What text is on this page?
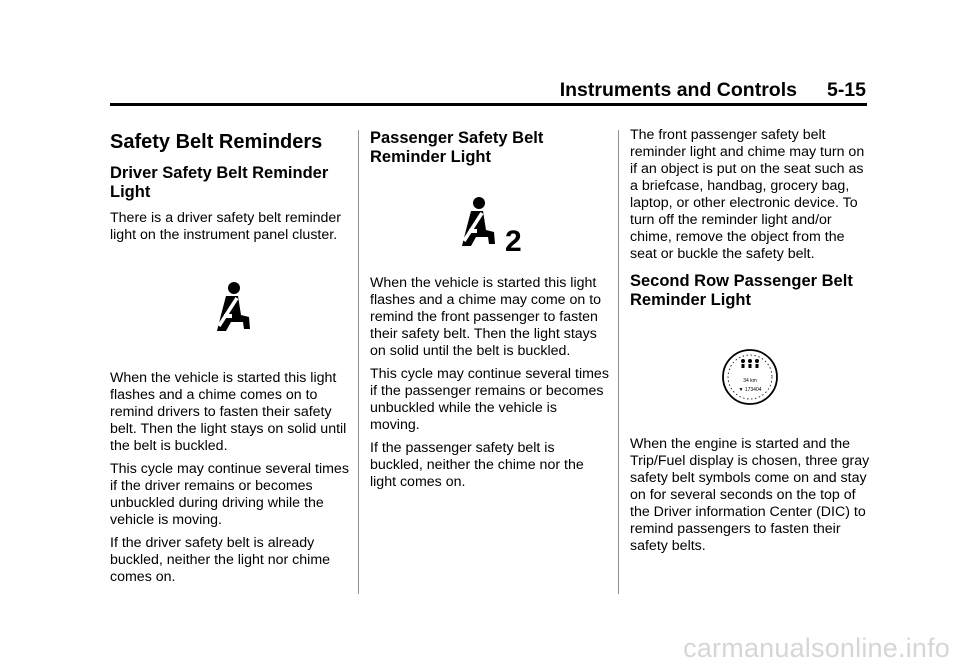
Instruments and Controls 5-15
Safety Belt Reminders
Driver Safety Belt Reminder Light

There is a driver safety belt reminder light on the instrument panel cluster.

When the vehicle is started this light flashes and a chime comes on to remind drivers to fasten their safety belt. Then the light stays on solid until the belt is buckled.

This cycle may continue several times if the driver remains or becomes unbuckled during driving while the vehicle is moving.

If the driver safety belt is already buckled, neither the light nor chime comes on.

Passenger Safety Belt Reminder Light
2

When the vehicle is started this light flashes and a chime may come on to remind the front passenger to fasten their safety belt. Then the light stays on solid until the belt is buckled.

This cycle may continue several times if the passenger remains or becomes unbuckled while the vehicle is moving.

If the passenger safety belt is buckled, neither the chime nor the light comes on.

The front passenger safety belt reminder light and chime may turn on if an object is put on the seat such as a briefcase, handbag, grocery bag, laptop, or other electronic device. To turn off the reminder light and/or chime, remove the object from the seat or buckle the safety belt.

Second Row Passenger Belt Reminder Light
34 km
▼ 173404

When the engine is started and the Trip/Fuel display is chosen, three gray safety belt symbols come on and stay on for several seconds on the top of the Driver information Center (DIC) to remind passengers to fasten their safety belts.

carmanualsonline.info
